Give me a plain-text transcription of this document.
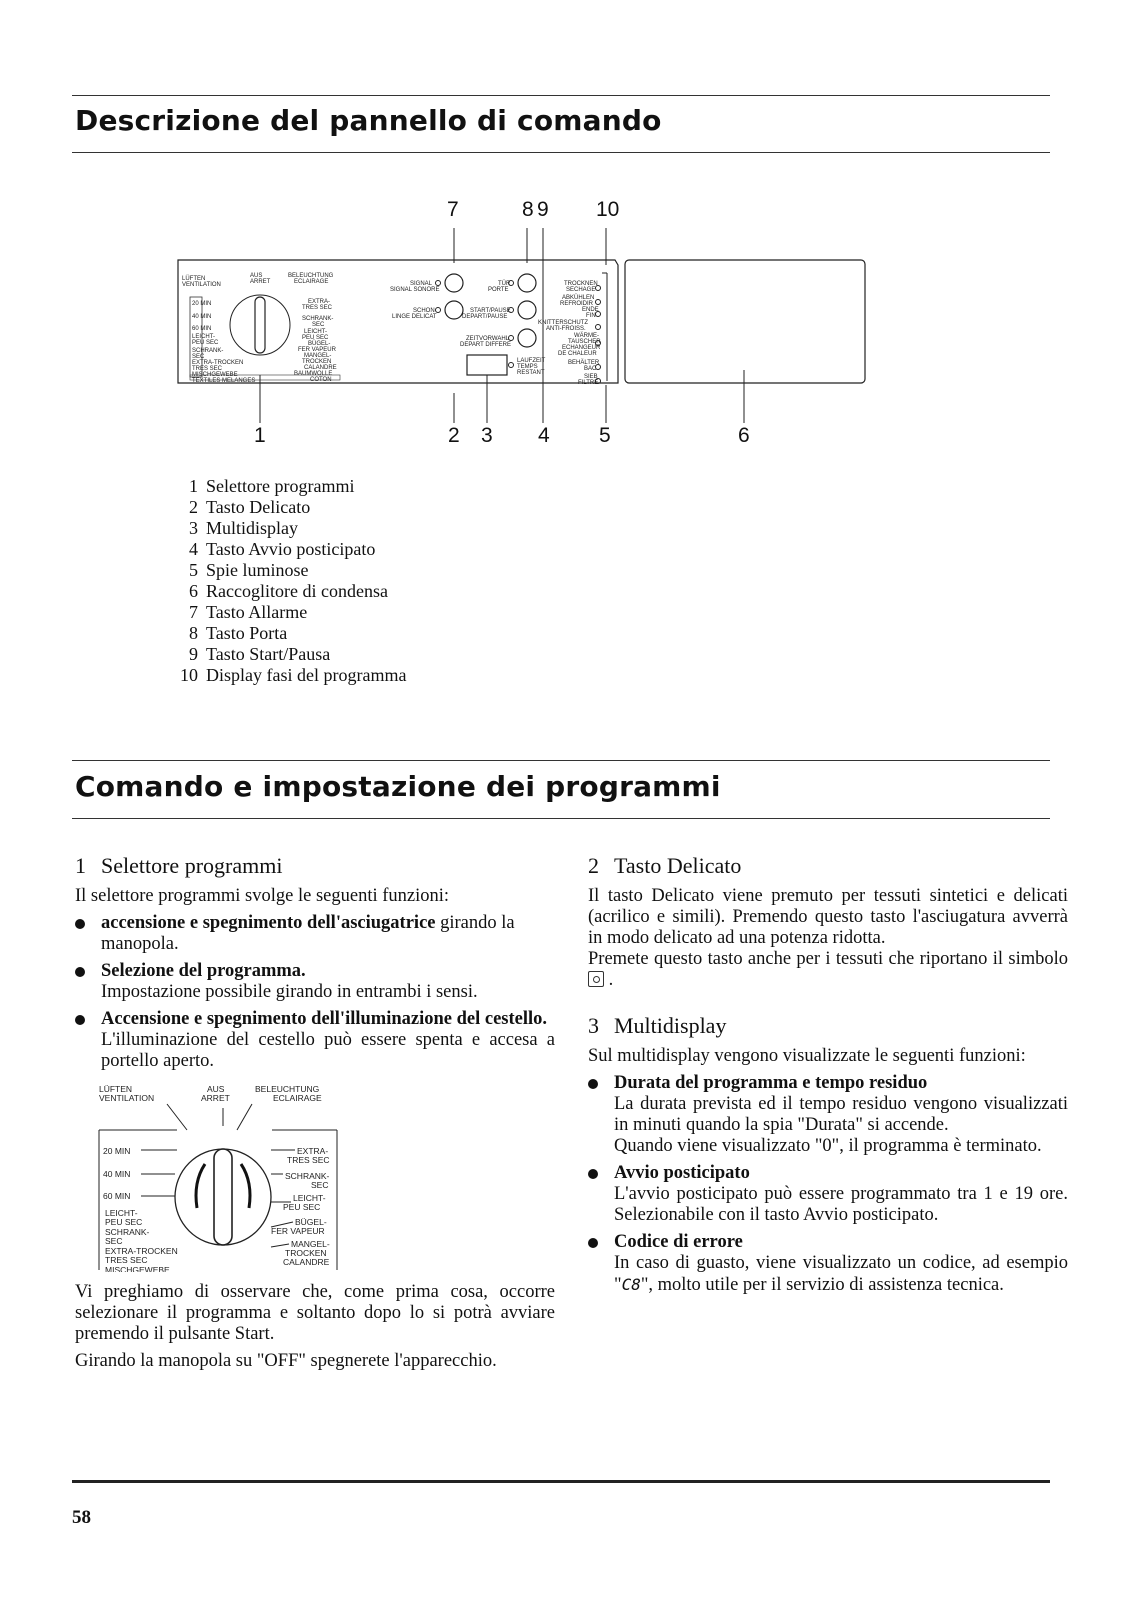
Descrizione del pannello di comando
7	8 9 10
LÜFTEN
VENTILATION
AUS
ARRET
BELEUCHTUNG
ECLAIRAGE
20 MIN
40 MIN
60 MIN
LEICHT-
PEU SEC
SCHRANK-
SEC
EXTRA-TROCKEN
TRES SEC
MISCHGEWEBE
TEXTILES MELANGES
EXTRA-
TRES SEC
SCHRANK-
SEC
LEICHT-
PEU SEC
BÜGEL-
FER VAPEUR
MANGEL-
TROCKEN
CALANDRE
BAUMWOLLE
COTON
SIGNAL
SIGNAL SONORE
SCHON
LINGE DELICAT
TÜR
PORTE
START/PAUSE
DEPART/PAUSE
ZEITVORWAHL
DEPART DIFFERE
LAUFZEIT
TEMPS
RESTANT
TROCKNEN
SECHAGE
ABKÜHLEN
REFROIDIR
ENDE
FIN
KNITTERSCHUTZ
ANTI-FROISS.
WÄRME-
TAUSCHER
ECHANGEUR
DE CHALEUR
BEHÄLTER
BAC
SIEB
FILTRE
1	2 3 4 5	6
1 Selettore programmi
2 Tasto Delicato
3 Multidisplay
4 Tasto Avvio posticipato
5 Spie luminose
6 Raccoglitore di condensa
7 Tasto Allarme
8 Tasto Porta
9 Tasto Start/Pausa
10 Display fasi del programma
Comando e impostazione dei programmi
1 Selettore programmi

Il selettore programmi svolge le seguenti funzioni:

accensione e spegnimento dell'asciugatrice girando la manopola.
Selezione del programma.
Impostazione possibile girando in entrambi i sensi.
Accensione e spegnimento dell'illuminazione del cestello.
L'illuminazione del cestello può essere spenta e accesa a portello aperto.
LÜFTEN
VENTILATION
AUS
ARRET
BELEUCHTUNG
ECLAIRAGE
20 MIN
40 MIN
60 MIN
LEICHT-
PEU SEC
SCHRANK-
SEC
EXTRA-TROCKEN
TRES SEC
MISCHGEWEBE
EXTRA-
TRES SEC
SCHRANK-
SEC
LEICHT-
PEU SEC
BÜGEL-
FER VAPEUR
MANGEL-
TROCKEN
CALANDRE

Vi preghiamo di osservare che, come prima cosa, occorre selezionare il programma e soltanto dopo lo si potrà avviare premendo il pulsante Start.

Girando la manopola su "OFF" spegnerete l'apparecchio.

2 Tasto Delicato

Il tasto Delicato viene premuto per tessuti sintetici e delicati (acrilico e simili). Premendo questo tasto l'asciugatura avverrà in modo delicato ad una potenza ridotta.

Premete questo tasto anche per i tessuti che riportano il simbolo  .

3 Multidisplay

Sul multidisplay vengono visualizzate le seguenti funzioni:

Durata del programma e tempo residuo
La durata prevista ed il tempo residuo vengono visualizzati in minuti quando la spia "Durata" si accende.
Quando viene visualizzato "0", il programma è terminato.
Avvio posticipato
L'avvio posticipato può essere programmato tra 1 e 19 ore. Selezionabile con il tasto Avvio posticipato.
Codice di errore
In caso di guasto, viene visualizzato un codice, ad esempio "C8", molto utile per il servizio di assistenza tecnica.
58
